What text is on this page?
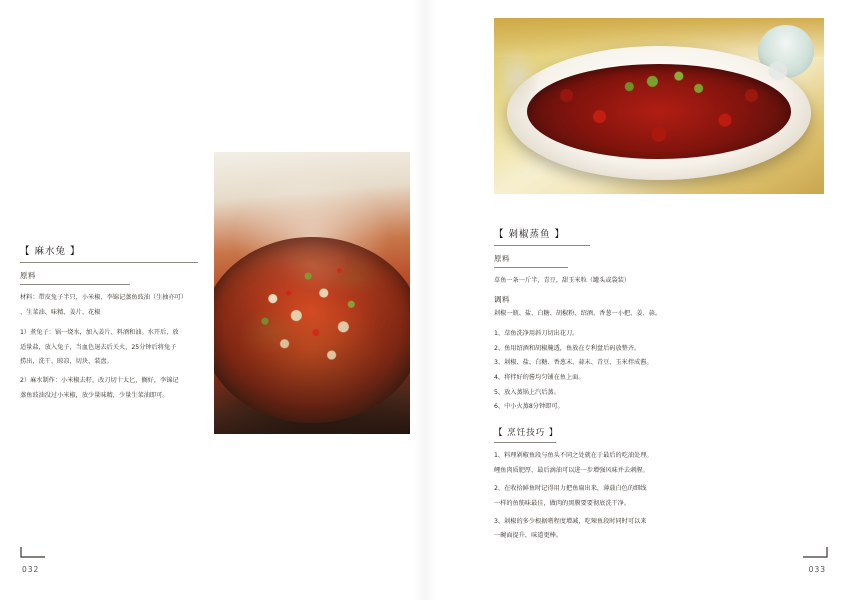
【 麻水兔 】
原料

材料：带皮兔子半只，小米椒、李锦记蒸鱼豉油（生抽亦可）

、生菜油、味精、姜片、花椒

1）煮兔子：锅一烧水，加入姜片、料酒和油。水开后，放

适量盐，放入兔子，当血色退去后关火，25分钟后将兔子

捞出，洗干、晾凉，切块、装盘。

2）麻水制作：小米椒去籽，改刀切十太匕，搁好，李锦记

蒸鱼豉油没过小米椒，放少量味精，少量生菜油即可。

032
【 剁椒蒸鱼 】
原料

草鱼一条一斤半，青豆，甜玉米粒（罐头或袋装）

调料

剁椒一瓶、盐、白糖、胡椒粉、绍酒、香葱一小把、姜、蒜。

1、草鱼洗净用斜刀切出花刀。

2、鱼用绍酒和胡椒腌透，鱼放在专利盘后码放整齐。

3、剁椒、盐、白糖、香葱末、蒜末、青豆、玉米拌成酱。

4、将拌好的酱均匀铺在鱼上面。

5、放入蒸锅上汽后蒸。

6、中小火蒸8分钟即可。

【 烹饪技巧 】

1、料理剁椒鱼段与鱼头不同之处就在于最后的吃油处理。

鲤鱼肉质肥厚，最后滴油可以进一步增强风味并去刺腥。

2、在收拾鲜鱼时记得用力把鱼扁出来，薄载白色的细线

一样的鱼筋味最佳，做肉的黑膜要要彻底洗干净。

3、剁椒的多少根据嗜程度增减，吃辣鱼段时同时可以来

一碗面提升，味道更棒。

033
